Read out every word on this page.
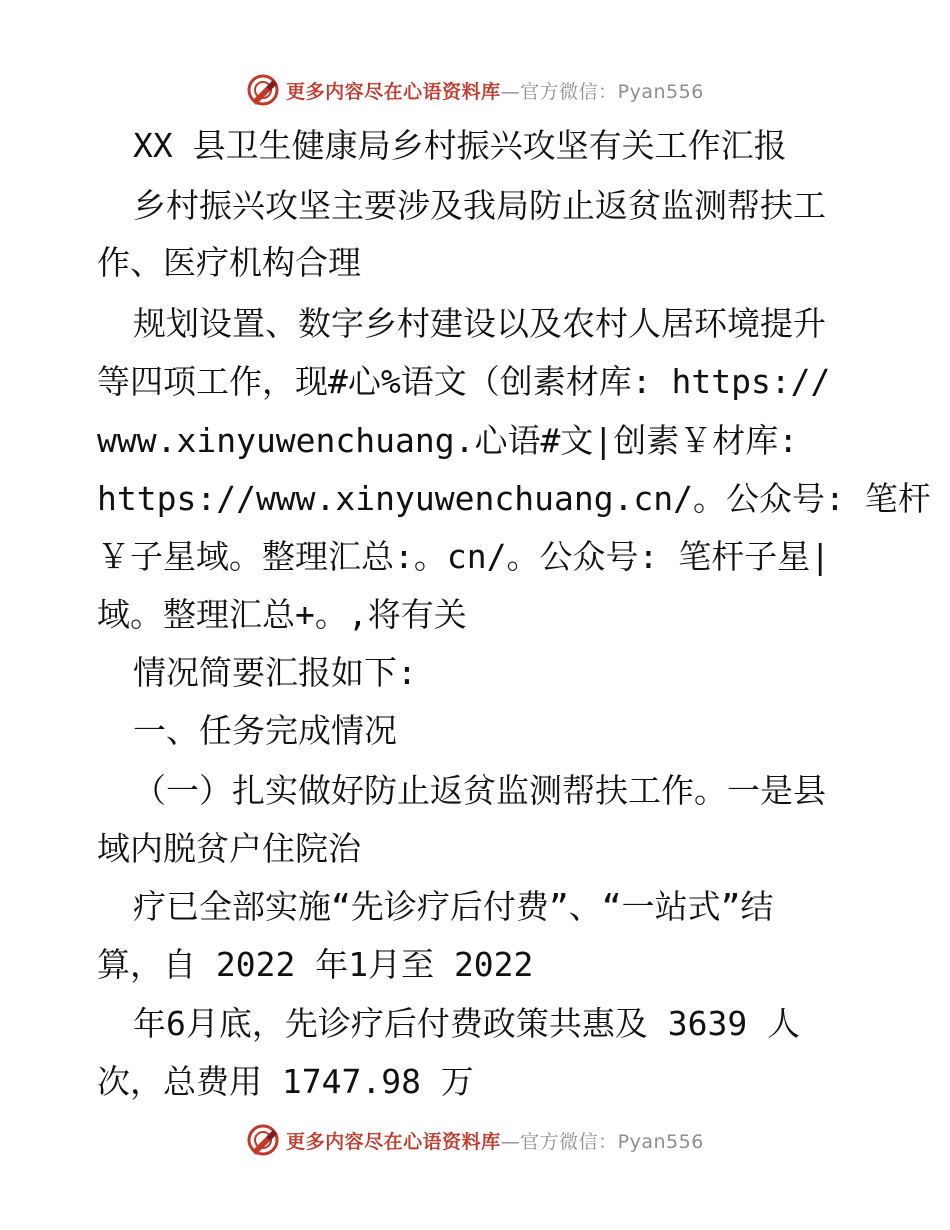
更多内容尽在心语资料库—官方微信：Pyan556
XX 县卫生健康局乡村振兴攻坚有关工作汇报
乡村振兴攻坚主要涉及我局防止返贫监测帮扶工
作、医疗机构合理
规划设置、数字乡村建设以及农村人居环境提升
等四项工作，现#心%语文（创素材库: https://
www.xinyuwenchuang.心语#文|创素￥材库:
https://www.xinyuwenchuang.cn/。公众号: 笔杆
￥子星域。整理汇总:。cn/。公众号: 笔杆子星|
域。整理汇总+。,将有关
情况简要汇报如下:
一、任务完成情况
（一）扎实做好防止返贫监测帮扶工作。一是县
域内脱贫户住院治
疗已全部实施“先诊疗后付费”、“一站式”结
算，自 2022 年1月至 2022
年6月底，先诊疗后付费政策共惠及 3639 人
次，总费用 1747.98 万
更多内容尽在心语资料库—官方微信：Pyan556
